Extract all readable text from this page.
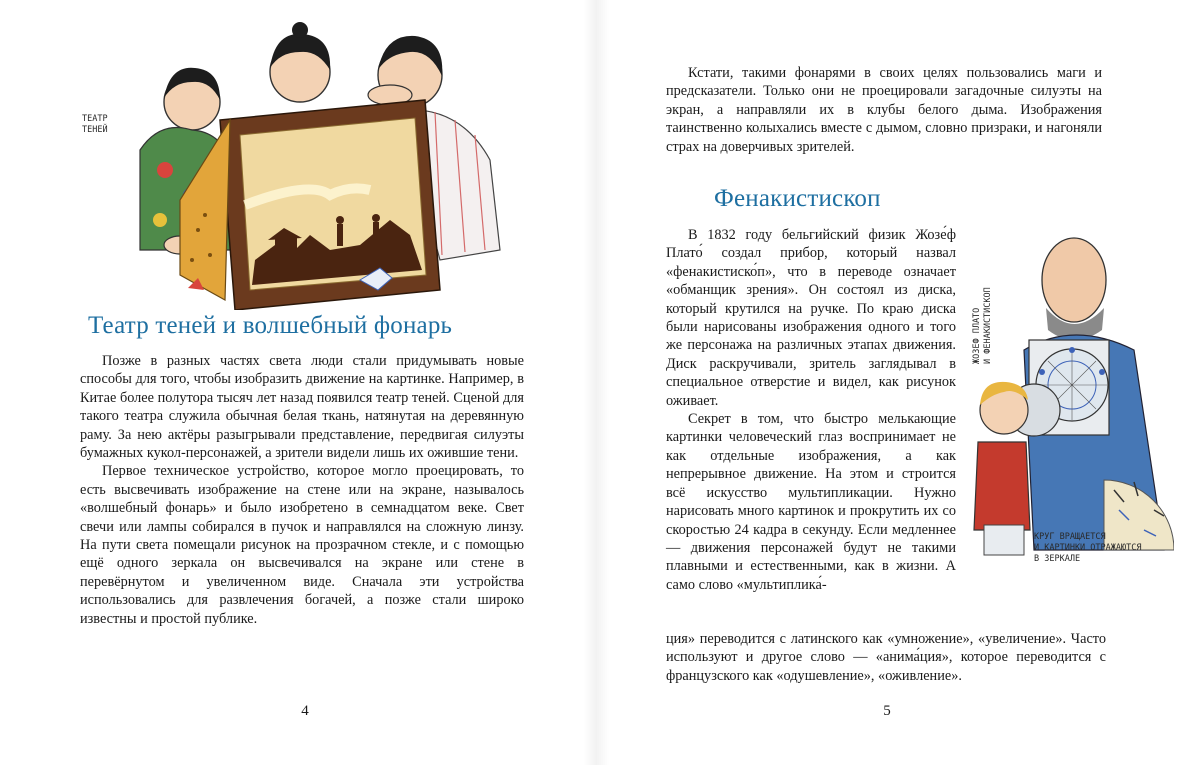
ТЕАТР
ТЕНЕЙ
Театр теней и волшебный фонарь

Позже в разных частях света люди стали придумывать новые способы для того, чтобы изобразить движение на картинке. Например, в Китае более полутора тысяч лет назад появился театр теней. Сценой для такого театра служила обычная белая ткань, натянутая на деревянную раму. За нею актёры разыгрывали представление, передвигая силуэты бумажных кукол-персонажей, а зрители видели лишь их ожившие тени.

Первое техническое устройство, которое могло проецировать, то есть высвечивать изображение на стене или на экране, называлось «волшебный фонарь» и было изобретено в семнадцатом веке. Свет свечи или лампы собирался в пучок и направлялся на сложную линзу. На пути света помещали рисунок на прозрачном стекле, и с помощью ещё одного зеркала он высвечивался на экране или стене в перевёрнутом и увеличенном виде. Сначала эти устройства использовались для развлечения богачей, а позже стали широко известны и простой публике.

4

Кстати, такими фонарями в своих целях пользовались маги и предсказатели. Только они не проецировали загадочные силуэты на экран, а направляли их в клубы белого дыма. Изображения таинственно колыхались вместе с дымом, словно призраки, и нагоняли страх на доверчивых зрителей.

Фенакистископ

В 1832 году бельгийский физик Жозе́ф Плато́ создал прибор, который назвал «фенакистиско́п», что в переводе означает «обманщик зрения». Он состоял из диска, который крутился на ручке. По краю диска были нарисованы изображения одного и того же персонажа на различных этапах движения. Диск раскручивали, зритель заглядывал в специальное отверстие и видел, как рисунок оживает.

Секрет в том, что быстро мелькающие картинки человеческий глаз воспринимает не как отдельные изображения, а как непрерывное движение. На этом и строится всё искусство мультипликации. Нужно нарисовать много картинок и прокрутить их со скоростью 24 кадра в секунду. Если медленнее — движения персонажей будут не такими плавными и естественными, как в жизни. А само слово «мультиплика́-

ция» переводится с латинского как «умножение», «увеличение». Часто используют и другое слово — «анима́ция», которое переводится с французского как «одушевление», «оживление».

ЖОЗЕФ ПЛАТО
И ФЕНАКИСТИСКОП
КРУГ ВРАЩАЕТСЯ
И КАРТИНКИ ОТРАЖАЮТСЯ
В ЗЕРКАЛЕ
5
